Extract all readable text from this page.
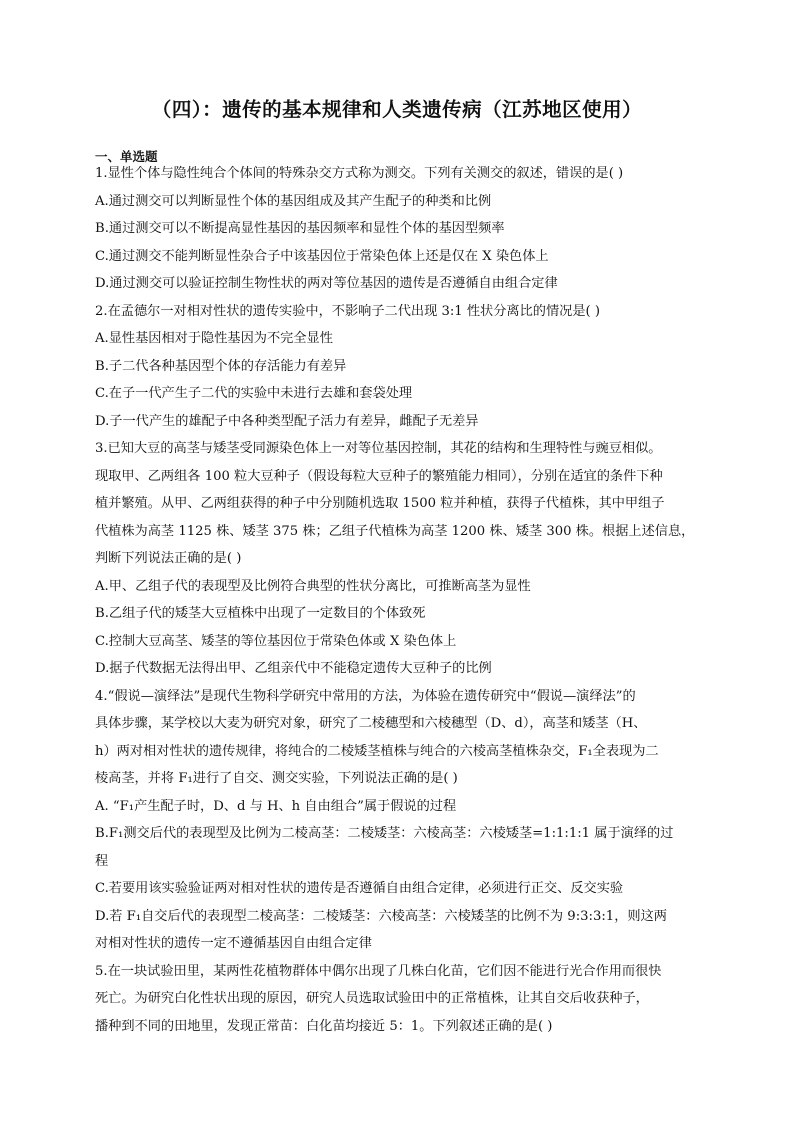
（四）：遗传的基本规律和人类遗传病（江苏地区使用）
一、单选题
1.显性个体与隐性纯合个体间的特殊杂交方式称为测交。下列有关测交的叙述，错误的是( )
A.通过测交可以判断显性个体的基因组成及其产生配子的种类和比例
B.通过测交可以不断提高显性基因的基因频率和显性个体的基因型频率
C.通过测交不能判断显性杂合子中该基因位于常染色体上还是仅在 X 染色体上
D.通过测交可以验证控制生物性状的两对等位基因的遗传是否遵循自由组合定律
2.在孟德尔一对相对性状的遗传实验中，不影响子二代出现 3:1 性状分离比的情况是( )
A.显性基因相对于隐性基因为不完全显性
B.子二代各种基因型个体的存活能力有差异
C.在子一代产生子二代的实验中未进行去雄和套袋处理
D.子一代产生的雄配子中各种类型配子活力有差异，雌配子无差异
3.已知大豆的高茎与矮茎受同源染色体上一对等位基因控制，其花的结构和生理特性与豌豆相似。
现取甲、乙两组各 100 粒大豆种子（假设每粒大豆种子的繁殖能力相同），分别在适宜的条件下种
植并繁殖。从甲、乙两组获得的种子中分别随机选取 1500 粒并种植，获得子代植株，其中甲组子
代植株为高茎 1125 株、矮茎 375 株；乙组子代植株为高茎 1200 株、矮茎 300 株。根据上述信息，
判断下列说法正确的是( )
A.甲、乙组子代的表现型及比例符合典型的性状分离比，可推断高茎为显性
B.乙组子代的矮茎大豆植株中出现了一定数目的个体致死
C.控制大豆高茎、矮茎的等位基因位于常染色体或 X 染色体上
D.据子代数据无法得出甲、乙组亲代中不能稳定遗传大豆种子的比例
4.“假说—演绎法”是现代生物科学研究中常用的方法，为体验在遗传研究中“假说—演绎法”的
具体步骤，某学校以大麦为研究对象，研究了二棱穗型和六棱穗型（D、d），高茎和矮茎（H、
h）两对相对性状的遗传规律，将纯合的二棱矮茎植株与纯合的六棱高茎植株杂交，F₁全表现为二
棱高茎，并将 F₁进行了自交、测交实验，下列说法正确的是( )
A. “F₁产生配子时，D、d 与 H、h 自由组合”属于假说的过程
B.F₁测交后代的表现型及比例为二棱高茎：二棱矮茎：六棱高茎：六棱矮茎=1:1:1:1 属于演绎的过
程
C.若要用该实验验证两对相对性状的遗传是否遵循自由组合定律，必须进行正交、反交实验
D.若 F₁自交后代的表现型二棱高茎：二棱矮茎：六棱高茎：六棱矮茎的比例不为 9:3:3:1，则这两
对相对性状的遗传一定不遵循基因自由组合定律
5.在一块试验田里，某两性花植物群体中偶尔出现了几株白化苗，它们因不能进行光合作用而很快
死亡。为研究白化性状出现的原因，研究人员选取试验田中的正常植株，让其自交后收获种子，
播种到不同的田地里，发现正常苗：白化苗均接近 5：1。下列叙述正确的是( )
